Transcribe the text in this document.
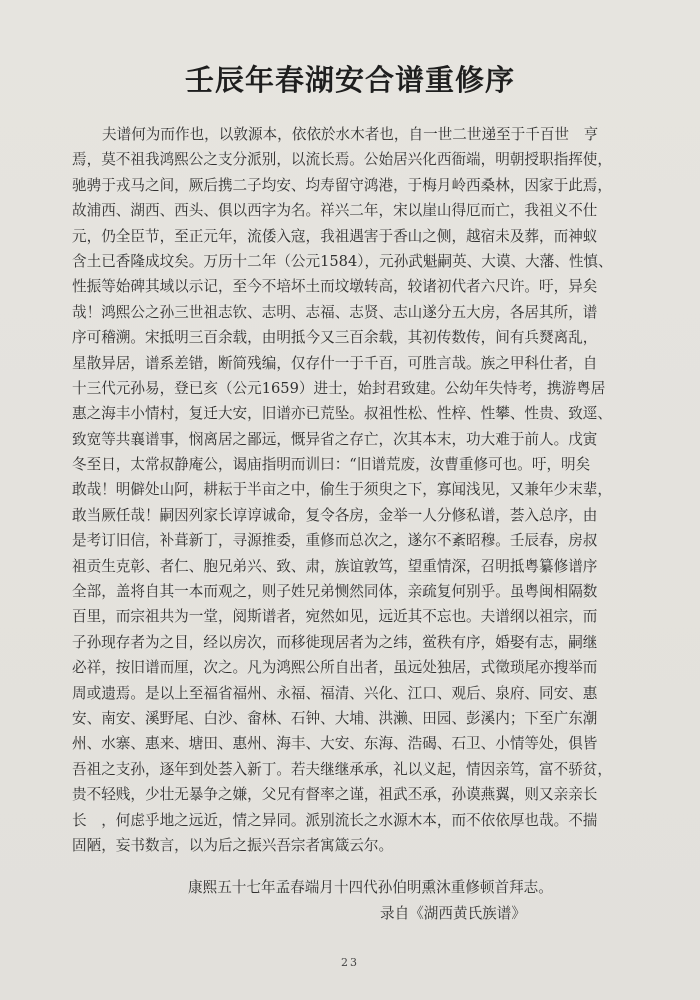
壬辰年春湖安合谱重修序
夫谱何为而作也，以敦源本，依依於水木者也，自一世二世递至于千百世　亨
焉，莫不祖我鸿熙公之支分派别，以流长焉。公始居兴化西衙端，明朝授职指挥使，
驰骋于戎马之间，厥后携二子均安、均寿留守鸿港，于梅月岭西桑林，因家于此焉，
故浦西、湖西、西头、俱以西字为名。祥兴二年，宋以崖山得厄而亡，我祖义不仕
元，仍全臣节，至正元年，流倭入寇，我祖遇害于香山之侧，越宿未及葬，而神蚁
含土已香隆成坟矣。万历十二年（公元1584），元孙武魁嗣英、大谟、大藩、性慎、
性振等始碑其域以示记，至今不培坏土而坟墩转高，较诸初代者六尺许。吁，异矣
哉！鸿熙公之孙三世祖志钦、志明、志福、志贤、志山遂分五大房，各居其所，谱
序可稽溯。宋抵明三百余载，由明抵今又三百余载，其初传数传，间有兵燹离乱，
星散异居，谱系差错，断简残编，仅存什一于千百，可胜言哉。族之甲科仕者，自
十三代元孙易，登已亥（公元1659）进士，始封君致建。公幼年失恃考，携游粤居
惠之海丰小情村，复迁大安，旧谱亦已荒坠。叔祖性松、性梓、性攀、性贵、致逕、
致宽等共襄谱事，悯离居之鄙远，慨异省之存亡，次其本末，功大难于前人。戊寅
冬至日，太常叔静庵公，谒庙指明而训曰：“旧谱荒废，汝曹重修可也。吁，明矣
敢哉！明僻处山阿，耕耘于半亩之中，偷生于须臾之下，寡闻浅见，又兼年少末辈，
敢当厥任哉！嗣因列家长谆谆诚命，复令各房，金举一人分修私谱，荟入总序，由
是考订旧信，补葺新丁，寻源推委，重修而总次之，遂尔不紊昭穆。壬辰春，房叔
祖贡生克彰、者仁、胞兄弟兴、致、肃，族谊敦笃，望重情深，召明抵粤纂修谱序
全部，盖将自其一本而观之，则子姓兄弟恻然同体，亲疏复何别乎。虽粤闽相隔数
百里，而宗祖共为一堂，阅斯谱者，宛然如见，远近其不忘也。夫谱纲以祖宗，而
子孙现存者为之目，经以房次，而移徙现居者为之纬，鲎秩有序，婚娶有志，嗣继
必祥，按旧谱而厘，次之。凡为鸿熙公所自出者，虽远处独居，式徵琐尾亦搜举而
周或遗焉。是以上至福省福州、永福、福清、兴化、江口、观后、泉府、同安、惠
安、南安、溪野尾、白沙、畲林、石钟、大埔、洪濑、田园、彭溪内；下至广东潮
州、水寨、惠来、塘田、惠州、海丰、大安、东海、浩碣、石卫、小情等处，俱皆
吾祖之支孙，逐年到处荟入新丁。若夫继继承承，礼以义起，情因亲笃，富不骄贫，
贵不轻贱，少壮无暴争之嫌，父兄有督率之谨，祖武丕承，孙谟燕翼，则又亲亲长
长　，何虑乎地之远近，情之异同。派别流长之水源木本，而不依依厚也哉。不揣
固陋，妄书数言，以为后之振兴吾宗者寓箴云尔。
康熙五十七年孟春端月十四代孙伯明熏沐重修顿首拜志。
录自《湖西黄氏族谱》
23
